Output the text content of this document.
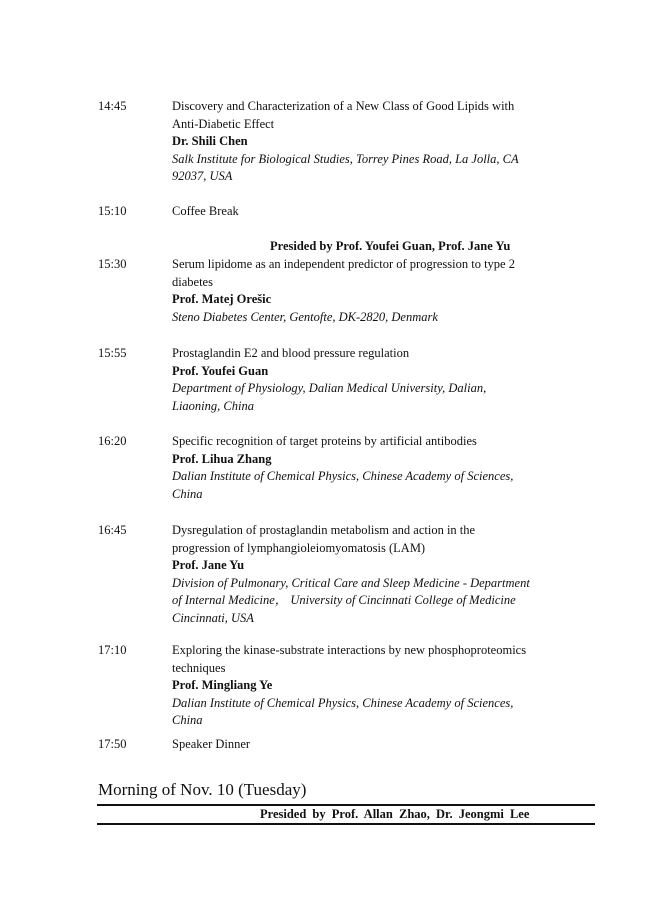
14:45	Discovery and Characterization of a New Class of Good Lipids with
Anti-Diabetic Effect
Dr. Shili Chen
Salk Institute for Biological Studies, Torrey Pines Road, La Jolla, CA
92037, USA
15:10	Coffee Break
Presided by Prof. Youfei Guan, Prof. Jane Yu
15:30	Serum lipidome as an independent predictor of progression to type 2
diabetes
Prof. Matej Orešic
Steno Diabetes Center, Gentofte, DK-2820, Denmark
15:55	Prostaglandin E2 and blood pressure regulation
Prof. Youfei Guan
Department of Physiology, Dalian Medical University, Dalian,
Liaoning, China
16:20	Specific recognition of target proteins by artificial antibodies
Prof. Lihua Zhang
Dalian Institute of Chemical Physics, Chinese Academy of Sciences,
China
16:45	Dysregulation of prostaglandin metabolism and action in the
progression of lymphangioleiomyomatosis (LAM)
Prof. Jane Yu
Division of Pulmonary, Critical Care and Sleep Medicine - Department
of Internal Medicine， University of Cincinnati College of Medicine
Cincinnati, USA
17:10	Exploring the kinase-substrate interactions by new phosphoproteomics
techniques
Prof. Mingliang Ye
Dalian Institute of Chemical Physics, Chinese Academy of Sciences,
China
17:50	Speaker Dinner
Morning of Nov. 10 (Tuesday)
Presided by Prof. Allan Zhao, Dr. Jeongmi Lee
